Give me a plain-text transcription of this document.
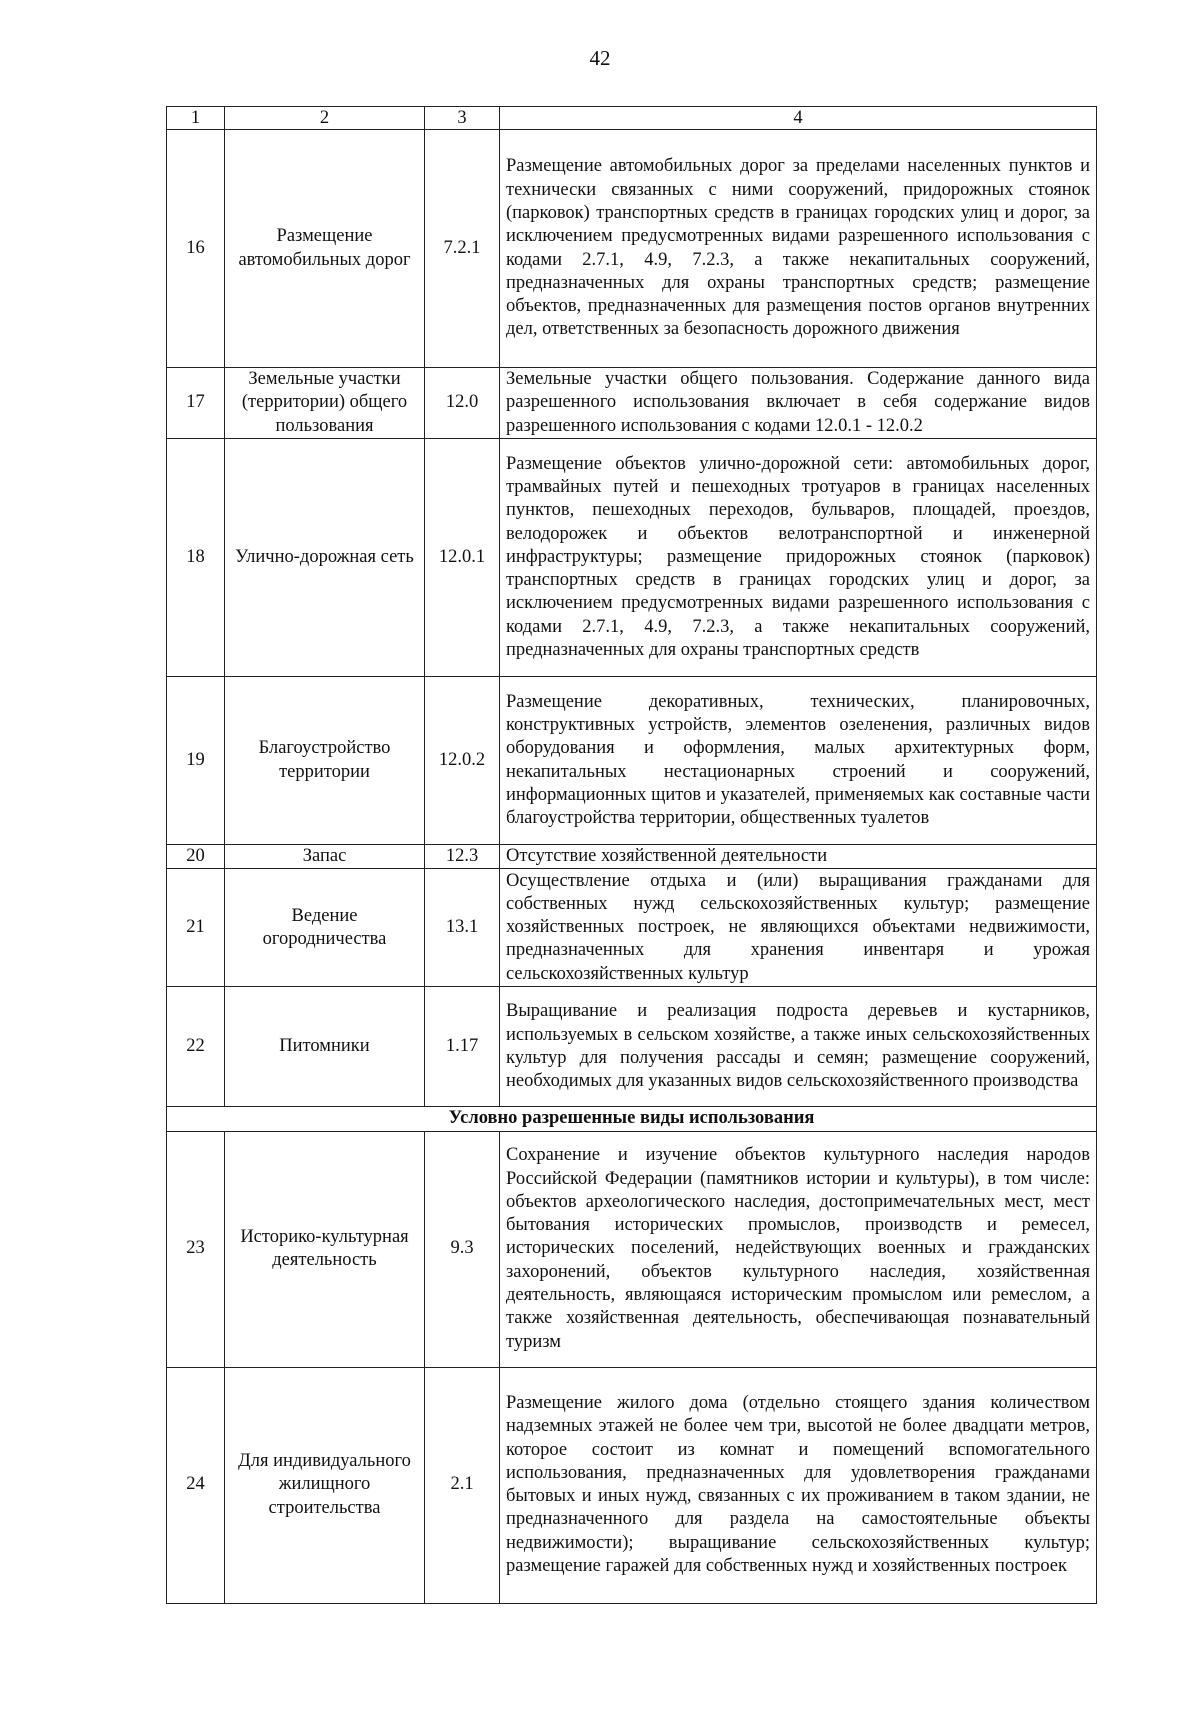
42
1	2	3	4
16	Размещение автомобильных дорог	7.2.1	Размещение автомобильных дорог за пределами населенных пунктов и технически связанных с ними сооружений, придорожных стоянок (парковок) транспортных средств в границах городских улиц и дорог, за исключением предусмотренных видами разрешенного использования с кодами 2.7.1, 4.9, 7.2.3, а также некапитальных сооружений, предназначенных для охраны транспортных средств; размещение объектов, предназначенных для размещения постов органов внутренних дел, ответственных за безопасность дорожного движения
17	Земельные участки (территории) общего пользования	12.0	Земельные участки общего пользования. Содержание данного вида разрешенного использования включает в себя содержание видов разрешенного использования с кодами 12.0.1 - 12.0.2
18	Улично-дорожная сеть	12.0.1	Размещение объектов улично-дорожной сети: автомобильных дорог, трамвайных путей и пешеходных тротуаров в границах населенных пунктов, пешеходных переходов, бульваров, площадей, проездов, велодорожек и объектов велотранспортной и инженерной инфраструктуры; размещение придорожных стоянок (парковок) транспортных средств в границах городских улиц и дорог, за исключением предусмотренных видами разрешенного использования с кодами 2.7.1, 4.9, 7.2.3, а также некапитальных сооружений, предназначенных для охраны транспортных средств
19	Благоустройство территории	12.0.2	Размещение декоративных, технических, планировочных, конструктивных устройств, элементов озеленения, различных видов оборудования и оформления, малых архитектурных форм, некапитальных нестационарных строений и сооружений, информационных щитов и указателей, применяемых как составные части благоустройства территории, общественных туалетов
20	Запас	12.3	Отсутствие хозяйственной деятельности
21	Ведение огородничества	13.1	Осуществление отдыха и (или) выращивания гражданами для собственных нужд сельскохозяйственных культур; размещение хозяйственных построек, не являющихся объектами недвижимости, предназначенных для хранения инвентаря и урожая сельскохозяйственных культур
22	Питомники	1.17	Выращивание и реализация подроста деревьев и кустарников, используемых в сельском хозяйстве, а также иных сельскохозяйственных культур для получения рассады и семян; размещение сооружений, необходимых для указанных видов сельскохозяйственного производства
Условно разрешенные виды использования			
23	Историко-культурная деятельность	9.3	Сохранение и изучение объектов культурного наследия народов Российской Федерации (памятников истории и культуры), в том числе: объектов археологического наследия, достопримечательных мест, мест бытования исторических промыслов, производств и ремесел, исторических поселений, недействующих военных и гражданских захоронений, объектов культурного наследия, хозяйственная деятельность, являющаяся историческим промыслом или ремеслом, а также хозяйственная деятельность, обеспечивающая познавательный туризм
24	Для индивидуального жилищного строительства	2.1	Размещение жилого дома (отдельно стоящего здания количеством надземных этажей не более чем три, высотой не более двадцати метров, которое состоит из комнат и помещений вспомогательного использования, предназначенных для удовлетворения гражданами бытовых и иных нужд, связанных с их проживанием в таком здании, не предназначенного для раздела на самостоятельные объекты недвижимости); выращивание сельскохозяйственных культур; размещение гаражей для собственных нужд и хозяйственных построек
